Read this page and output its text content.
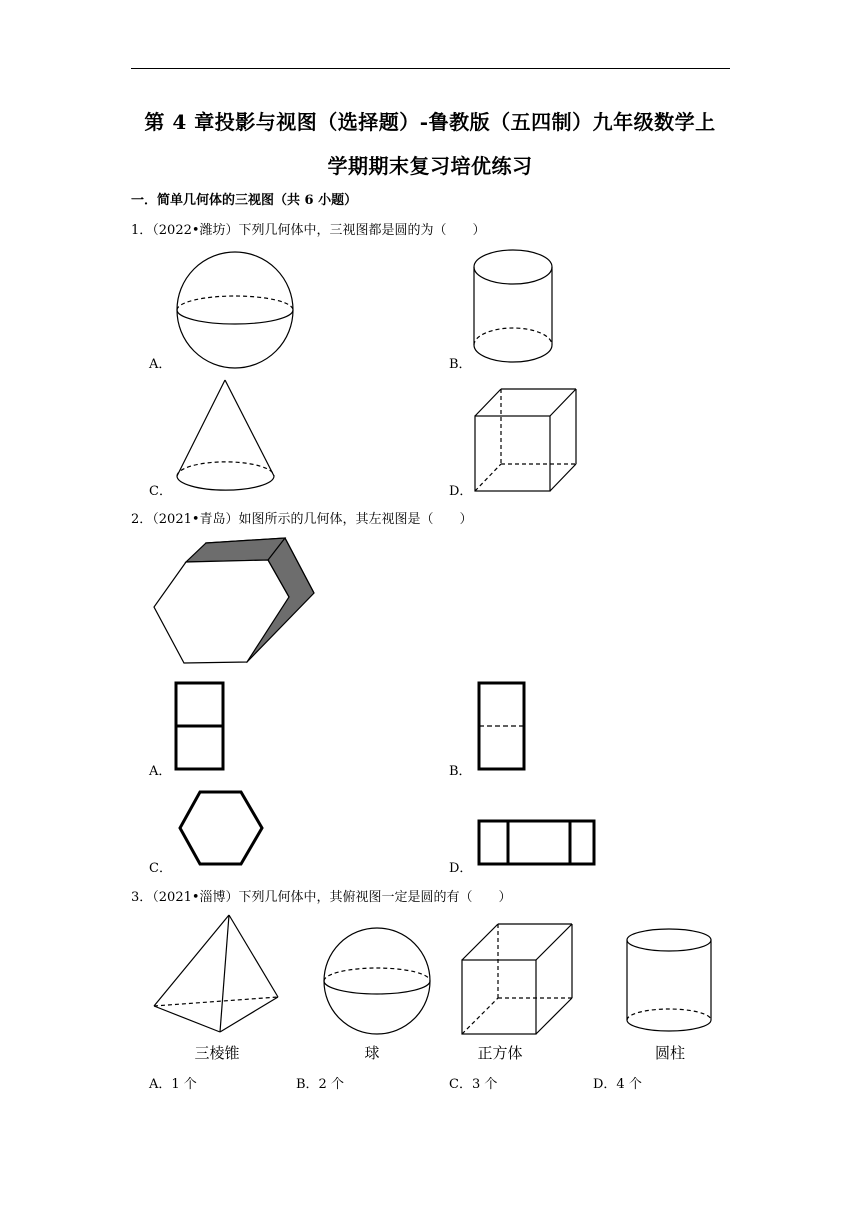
第 4 章投影与视图（选择题）-鲁教版（五四制）九年级数学上
学期期末复习培优练习
一．简单几何体的三视图（共 6 小题）
1．（2022•潍坊）下列几何体中，三视图都是圆的为（　　）
A．	B．
C．	D．
2．（2021•青岛）如图所示的几何体，其左视图是（　　）
A．	B．
C．	D．
3．（2021•淄博）下列几何体中，其俯视图一定是圆的有（　　）
三棱锥	球	正方体	圆柱
A．1 个	B．2 个	C．3 个	D．4 个
